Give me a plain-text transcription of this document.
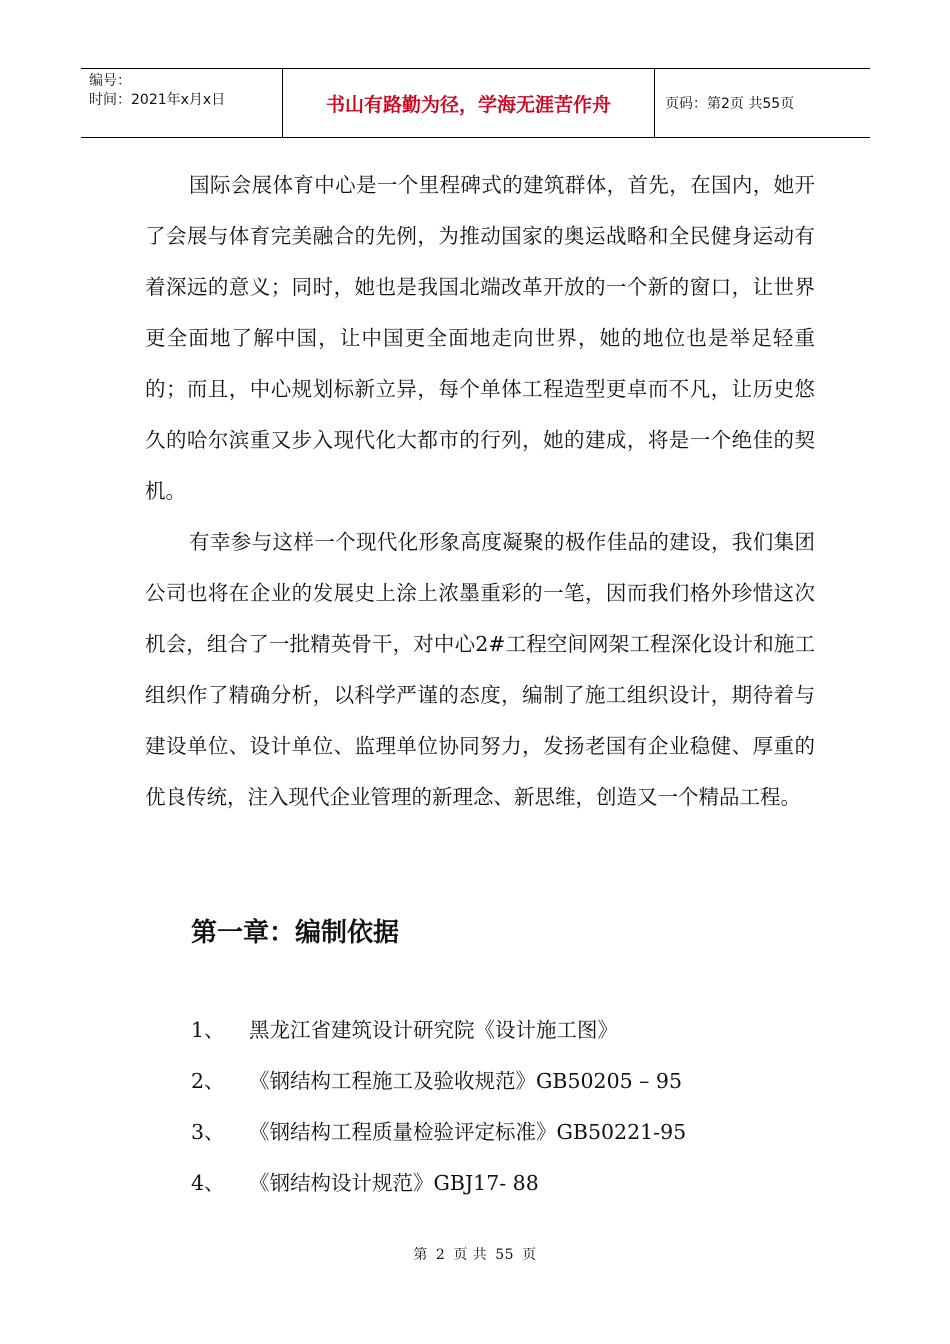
编号：
时间：2021年x月x日	书山有路勤为径，学海无涯苦作舟	页码：第2页 共55页

国际会展体育中心是一个里程碑式的建筑群体，首先，在国内，她开了会展与体育完美融合的先例，为推动国家的奥运战略和全民健身运动有着深远的意义；同时，她也是我国北端改革开放的一个新的窗口，让世界更全面地了解中国，让中国更全面地走向世界，她的地位也是举足轻重的；而且，中心规划标新立异，每个单体工程造型更卓而不凡，让历史悠久的哈尔滨重又步入现代化大都市的行列，她的建成，将是一个绝佳的契机。

有幸参与这样一个现代化形象高度凝聚的极作佳品的建设，我们集团公司也将在企业的发展史上涂上浓墨重彩的一笔，因而我们格外珍惜这次机会，组合了一批精英骨干，对中心2#工程空间网架工程深化设计和施工组织作了精确分析，以科学严谨的态度，编制了施工组织设计，期待着与建设单位、设计单位、监理单位协同努力，发扬老国有企业稳健、厚重的优良传统，注入现代企业管理的新理念、新思维，创造又一个精品工程。

第一章：编制依据
1、	黑龙江省建筑设计研究院《设计施工图》
2、	《钢结构工程施工及验收规范》GB50205 – 95
3、	《钢结构工程质量检验评定标准》GB50221-95
4、	《钢结构设计规范》GBJ17- 88
第 2 页 共 55 页
